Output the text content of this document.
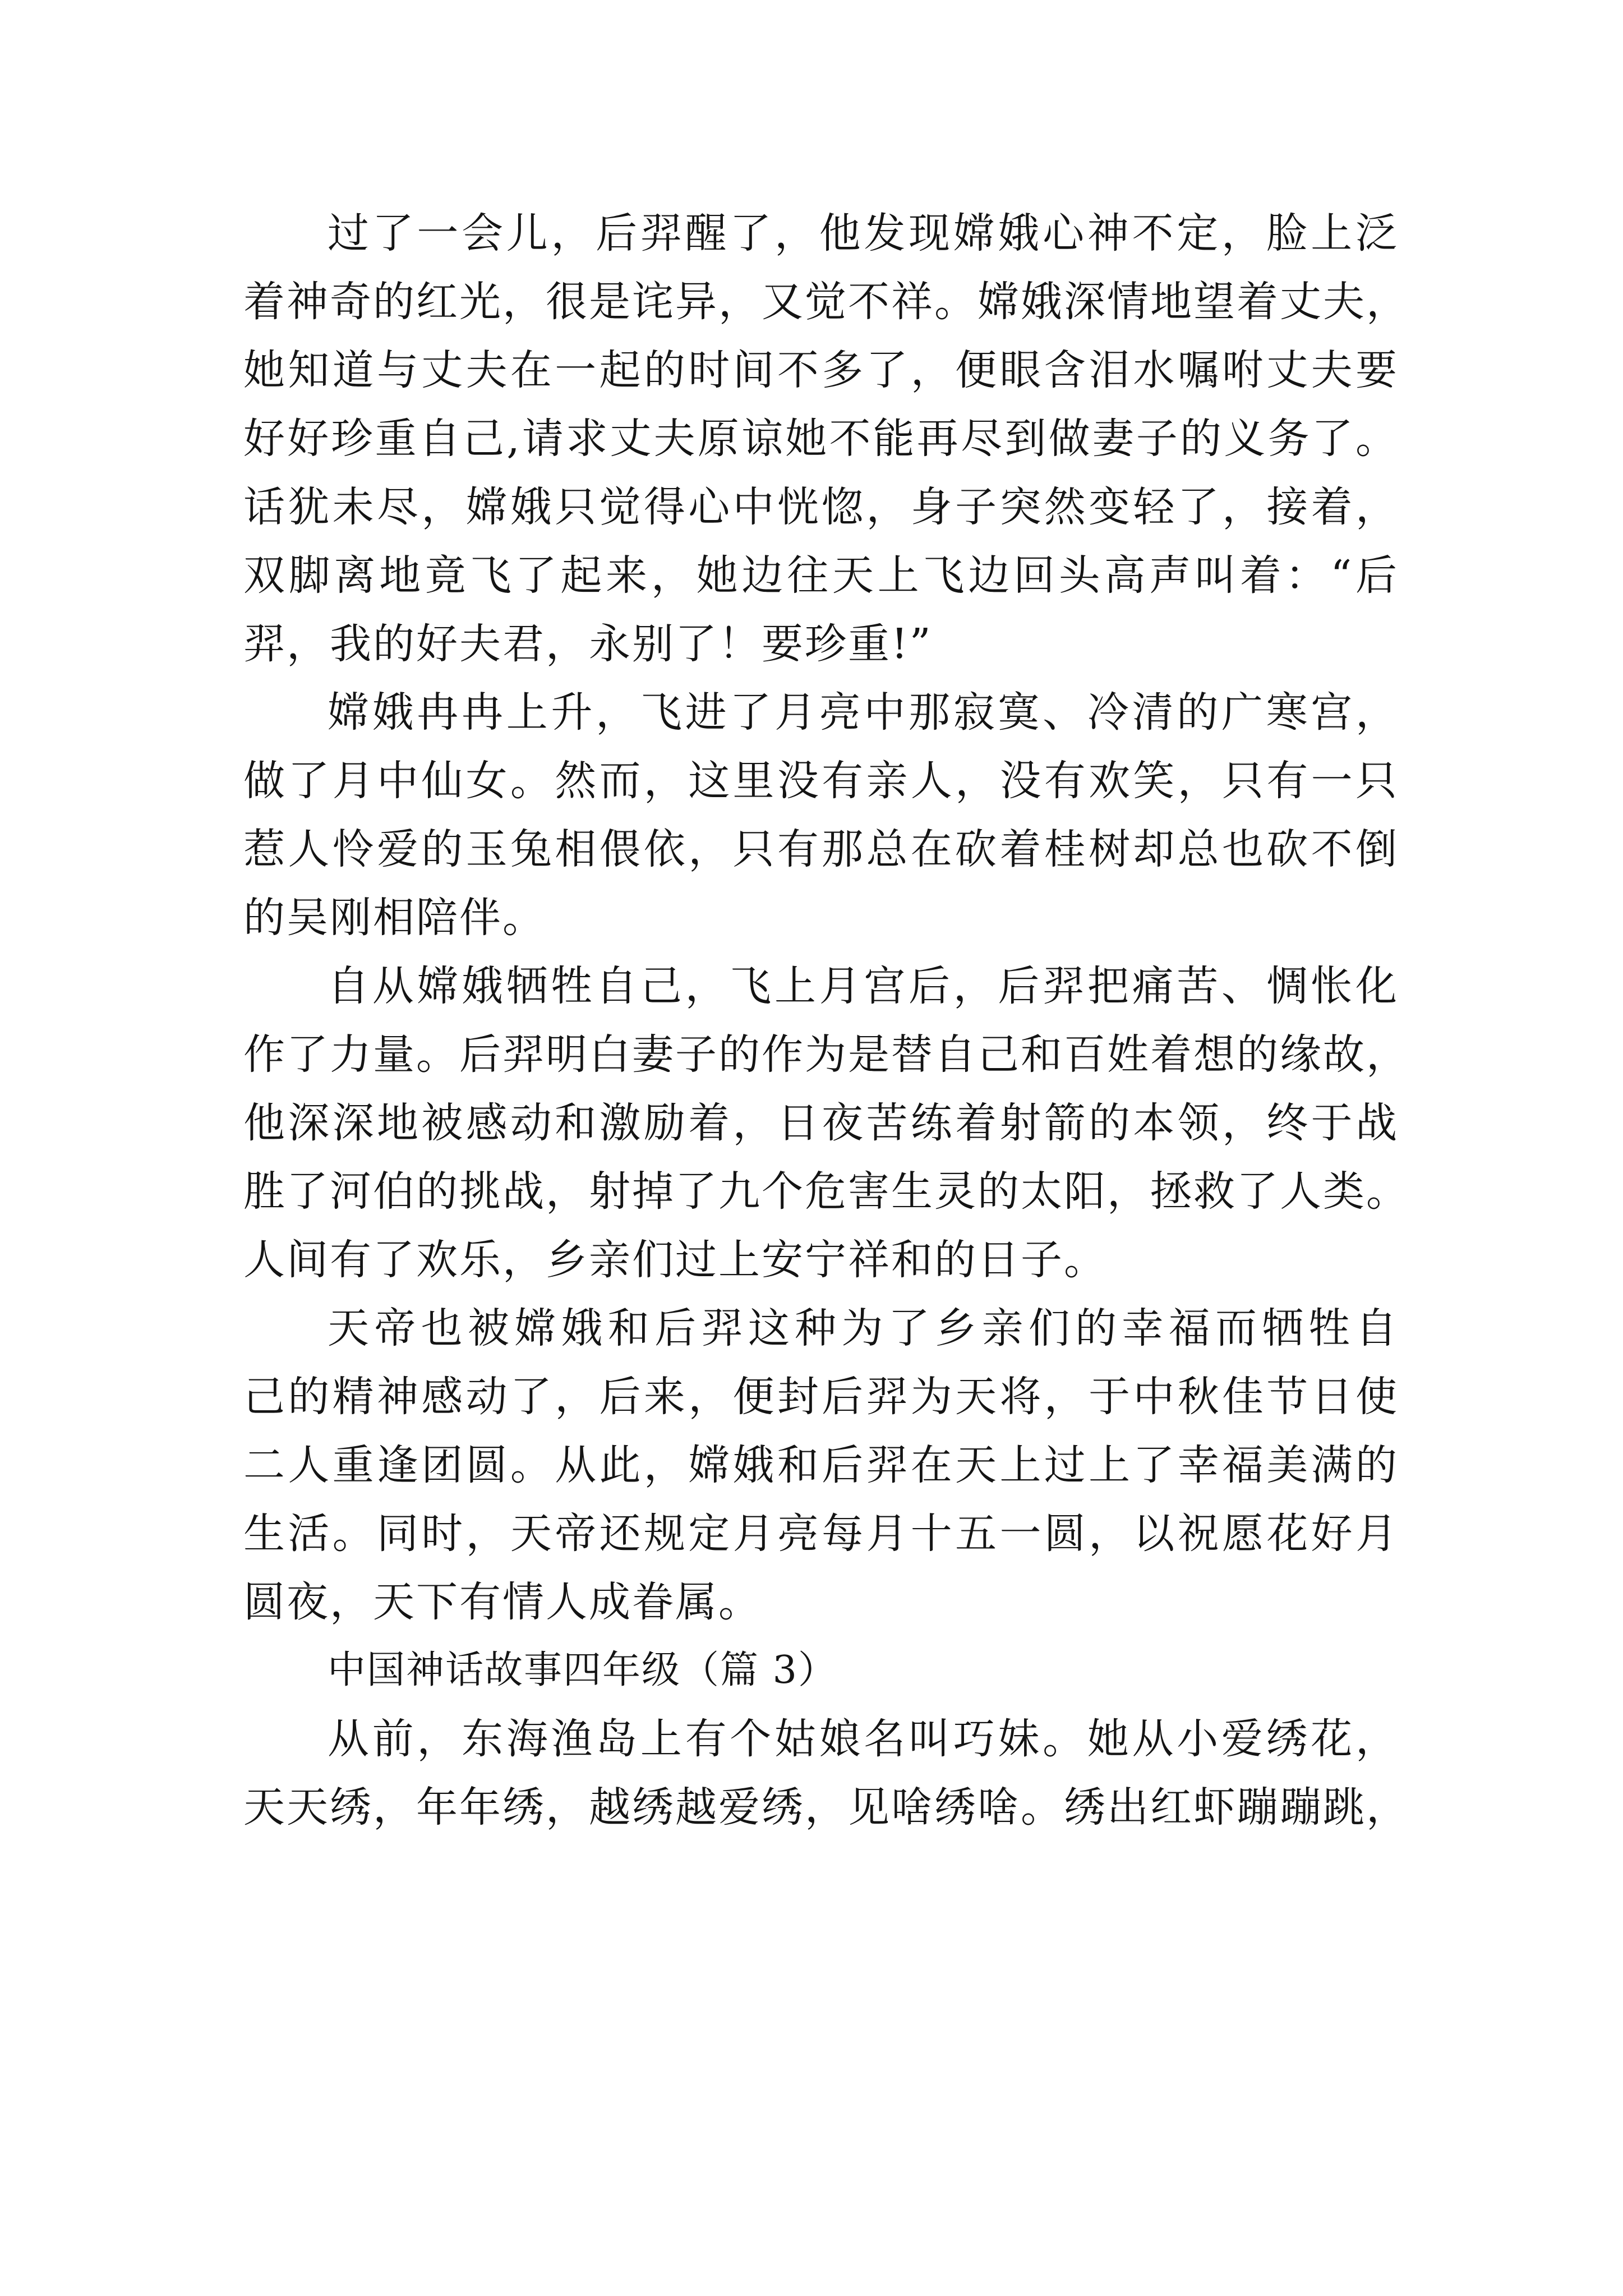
过了一会儿，后羿醒了，他发现嫦娥心神不定，脸上泛
着神奇的红光，很是诧异，又觉不祥。嫦娥深情地望着丈夫，
她知道与丈夫在一起的时间不多了，便眼含泪水嘱咐丈夫要
好好珍重自己,请求丈夫原谅她不能再尽到做妻子的义务了。
话犹未尽，嫦娥只觉得心中恍惚，身子突然变轻了，接着，
双脚离地竟飞了起来，她边往天上飞边回头高声叫着：“后
羿，我的好夫君，永别了！要珍重!”
嫦娥冉冉上升，飞进了月亮中那寂寞、冷清的广寒宫，
做了月中仙女。然而，这里没有亲人，没有欢笑，只有一只
惹人怜爱的玉兔相偎依，只有那总在砍着桂树却总也砍不倒
的吴刚相陪伴。
自从嫦娥牺牲自己，飞上月宫后，后羿把痛苦、惆怅化
作了力量。后羿明白妻子的作为是替自己和百姓着想的缘故，
他深深地被感动和激励着，日夜苦练着射箭的本领，终于战
胜了河伯的挑战，射掉了九个危害生灵的太阳，拯救了人类。
人间有了欢乐，乡亲们过上安宁祥和的日子。
天帝也被嫦娥和后羿这种为了乡亲们的幸福而牺牲自
己的精神感动了，后来，便封后羿为天将，于中秋佳节日使
二人重逢团圆。从此，嫦娥和后羿在天上过上了幸福美满的
生活。同时，天帝还规定月亮每月十五一圆，以祝愿花好月
圆夜，天下有情人成眷属。
中国神话故事四年级（篇 3）
从前，东海渔岛上有个姑娘名叫巧妹。她从小爱绣花，
天天绣，年年绣，越绣越爱绣，见啥绣啥。绣出红虾蹦蹦跳，
